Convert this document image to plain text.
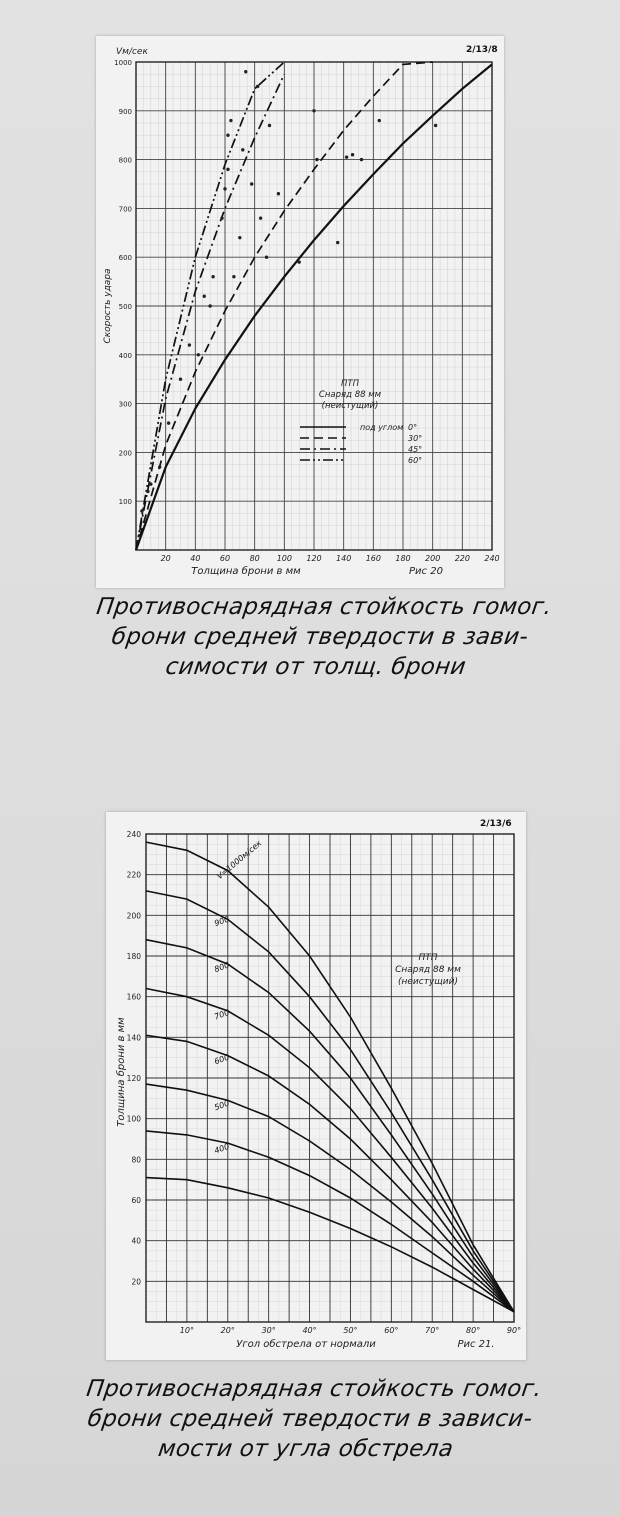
2/13/8
Vм/сек
20 40 60 80 100 120 140 160 180 200 220 240
100
200
300
400
500
600
700
800
900
1000
Толщина брони в мм	Рис 20
Скорость удара
ПТП
Снаряд 88 мм
(неистущий)
под углом 0°
30°
45°
60°
Противоснарядная стойкость гомог.
брони средней твердости в зави-
симости от толщ. брони
2/13/6
10°	20°	30°	40°	50°	60°	70°	80°	90°
20
40
60
80
100
120
140
160
180
200
220
240
Угол обстрела от нормали	Рис 21.
Толщина брони в мм
V=1000м/сек
900
800
700
600
500
400
ПТП
Снаряд 88 мм
(неистущий)
Противоснарядная стойкость гомог.
брони средней твердости в зависи-
мости от угла обстрела
